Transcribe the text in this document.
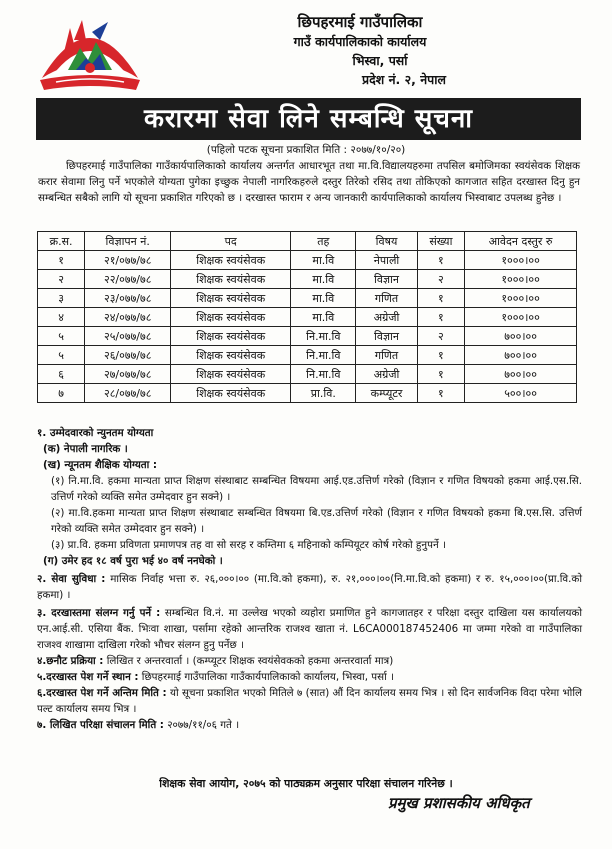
छिपहरमाई गाउँपालिका
गाउँ कार्यपालिकाको कार्यालय
भिस्वा, पर्सा
प्रदेश नं. २, नेपाल
करारमा सेवा लिने सम्बन्धि सूचना
(पहिलो पटक सूचना प्रकाशित मिति : २०७७/१०/२०)
छिपहरमाई गाउँपालिका गाउँकार्यपालिकाको कार्यालय अन्तर्गत आधारभूत तथा मा.वि.विद्यालयहरुमा तपसिल बमोजिमका स्वयंसेवक शिक्षक करार सेवामा लिनु पर्ने भएकोले योग्यता पुगेका इच्छुक नेपाली नागरिकहरुले दस्तुर तिरेको रसिद तथा तोकिएको कागजात सहित दरखास्त दिनु हुन सम्बन्धित सबैको लागि यो सूचना प्रकाशित गरिएको छ । दरखास्त फाराम र अन्य जानकारी कार्यपालिकाको कार्यालय भिस्वाबाट उपलब्ध हुनेछ ।
क्र.स.	विज्ञापन नं.	पद	तह	विषय	संख्या	आवेदन दस्तुर रु
१	२१/०७७/७८	शिक्षक स्वयंसेवक	मा.वि	नेपाली	१	१०००।००
२	२२/०७७/७८	शिक्षक स्वयंसेवक	मा.वि	विज्ञान	२	१०००।००
३	२३/०७७/७८	शिक्षक स्वयंसेवक	मा.वि	गणित	१	१०००।००
४	२४/०७७/७८	शिक्षक स्वयंसेवक	मा.वि	अग्रेजी	१	१०००।००
५	२५/०७७/७८	शिक्षक स्वयंसेवक	नि.मा.वि	विज्ञान	२	७००।००
५	२६/०७७/७८	शिक्षक स्वयंसेवक	नि.मा.वि	गणित	१	७००।००
६	२७/०७७/७८	शिक्षक स्वयंसेवक	नि.मा.वि	अग्रेजी	१	७००।००
७	२८/०७७/७८	शिक्षक स्वयंसेवक	प्रा.वि.	कम्प्यूटर	१	५००।००
१. उम्मेदवारको न्युनतम योग्यता
(क) नेपाली नागरिक ।
(ख) न्यूनतम शैक्षिक योग्यता :
(१) नि.मा.वि. हकमा मान्यता प्राप्त शिक्षण संस्थाबाट सम्बन्धित विषयमा आई.एड.उत्तिर्ण गरेको (विज्ञान र गणित विषयको हकमा आई.एस.सि. उत्तिर्ण गरेको व्यक्ति समेत उम्मेदवार हुन सक्ने) ।
(२) मा.वि.हकमा मान्यता प्राप्त शिक्षण संस्थाबाट सम्बन्धित विषयमा बि.एड.उत्तिर्ण गरेको (विज्ञान र गणित विषयको हकमा बि.एस.सि. उत्तिर्ण गरेको व्यक्ति समेत उम्मेदवार हुन सक्ने) ।
(३) प्रा.वि. हकमा प्रविणता प्रमाणपत्र तह वा सो सरह र कम्तिमा ६ महिनाको कम्पियूटर कोर्ष गरेको हुनुपर्ने ।
(ग) उमेर हद १८ वर्ष पुरा भई ४० वर्ष ननघेको ।
२. सेवा सुविधा : मासिक निर्वाह भत्ता रु. २६,०००।०० (मा.वि.को हकमा), रु. २१,०००।००(नि.मा.वि.को हकमा) र रु. १५,०००।००(प्रा.वि.को हकमा) ।
३. दरखास्तमा संलग्न गर्नु पर्ने : सम्बन्धित वि.नं. मा उल्लेख भएको व्यहोरा प्रमाणित हुने कागजातहर र परिक्षा दस्तुर दाखिला यस कार्यालयको एन.आई.सी. एसिया बैंक. भिःवा शाखा, पर्सामा रहेको आन्तरिक राजश्व खाता नं. L6CA000187452406 मा जम्मा गरेको वा गाउँपालिका राजश्व शाखामा दाखिला गरेको भौचर संलग्न हुनु पर्नेछ ।
४.छनौट प्रक्रिया : लिखित र अन्तरवार्ता । (कम्प्यूटर शिक्षक स्वयंसेवकको हकमा अन्तरवार्ता मात्र)
५.दरखास्त पेश गर्ने स्थान : छिपहरमाई गाउँपालिका गाउँकार्यपालिकाको कार्यालय, भिस्वा, पर्सा ।
६.दरखास्त पेश गर्ने अन्तिम मिति : यो सूचना प्रकाशित भएको मितिले ७ (सात) औं दिन कार्यालय समय भित्र । सो दिन सार्वजनिक विदा परेमा भोलि पल्ट कार्यालय समय भित्र ।
७. लिखित परिक्षा संचालन मिति : २०७७/११/०६ गते ।
शिक्षक सेवा आयोग, २०७५ को पाठ्यक्रम अनुसार परिक्षा संचालन गरिनेछ ।
प्रमुख प्रशासकीय अधिकृत
